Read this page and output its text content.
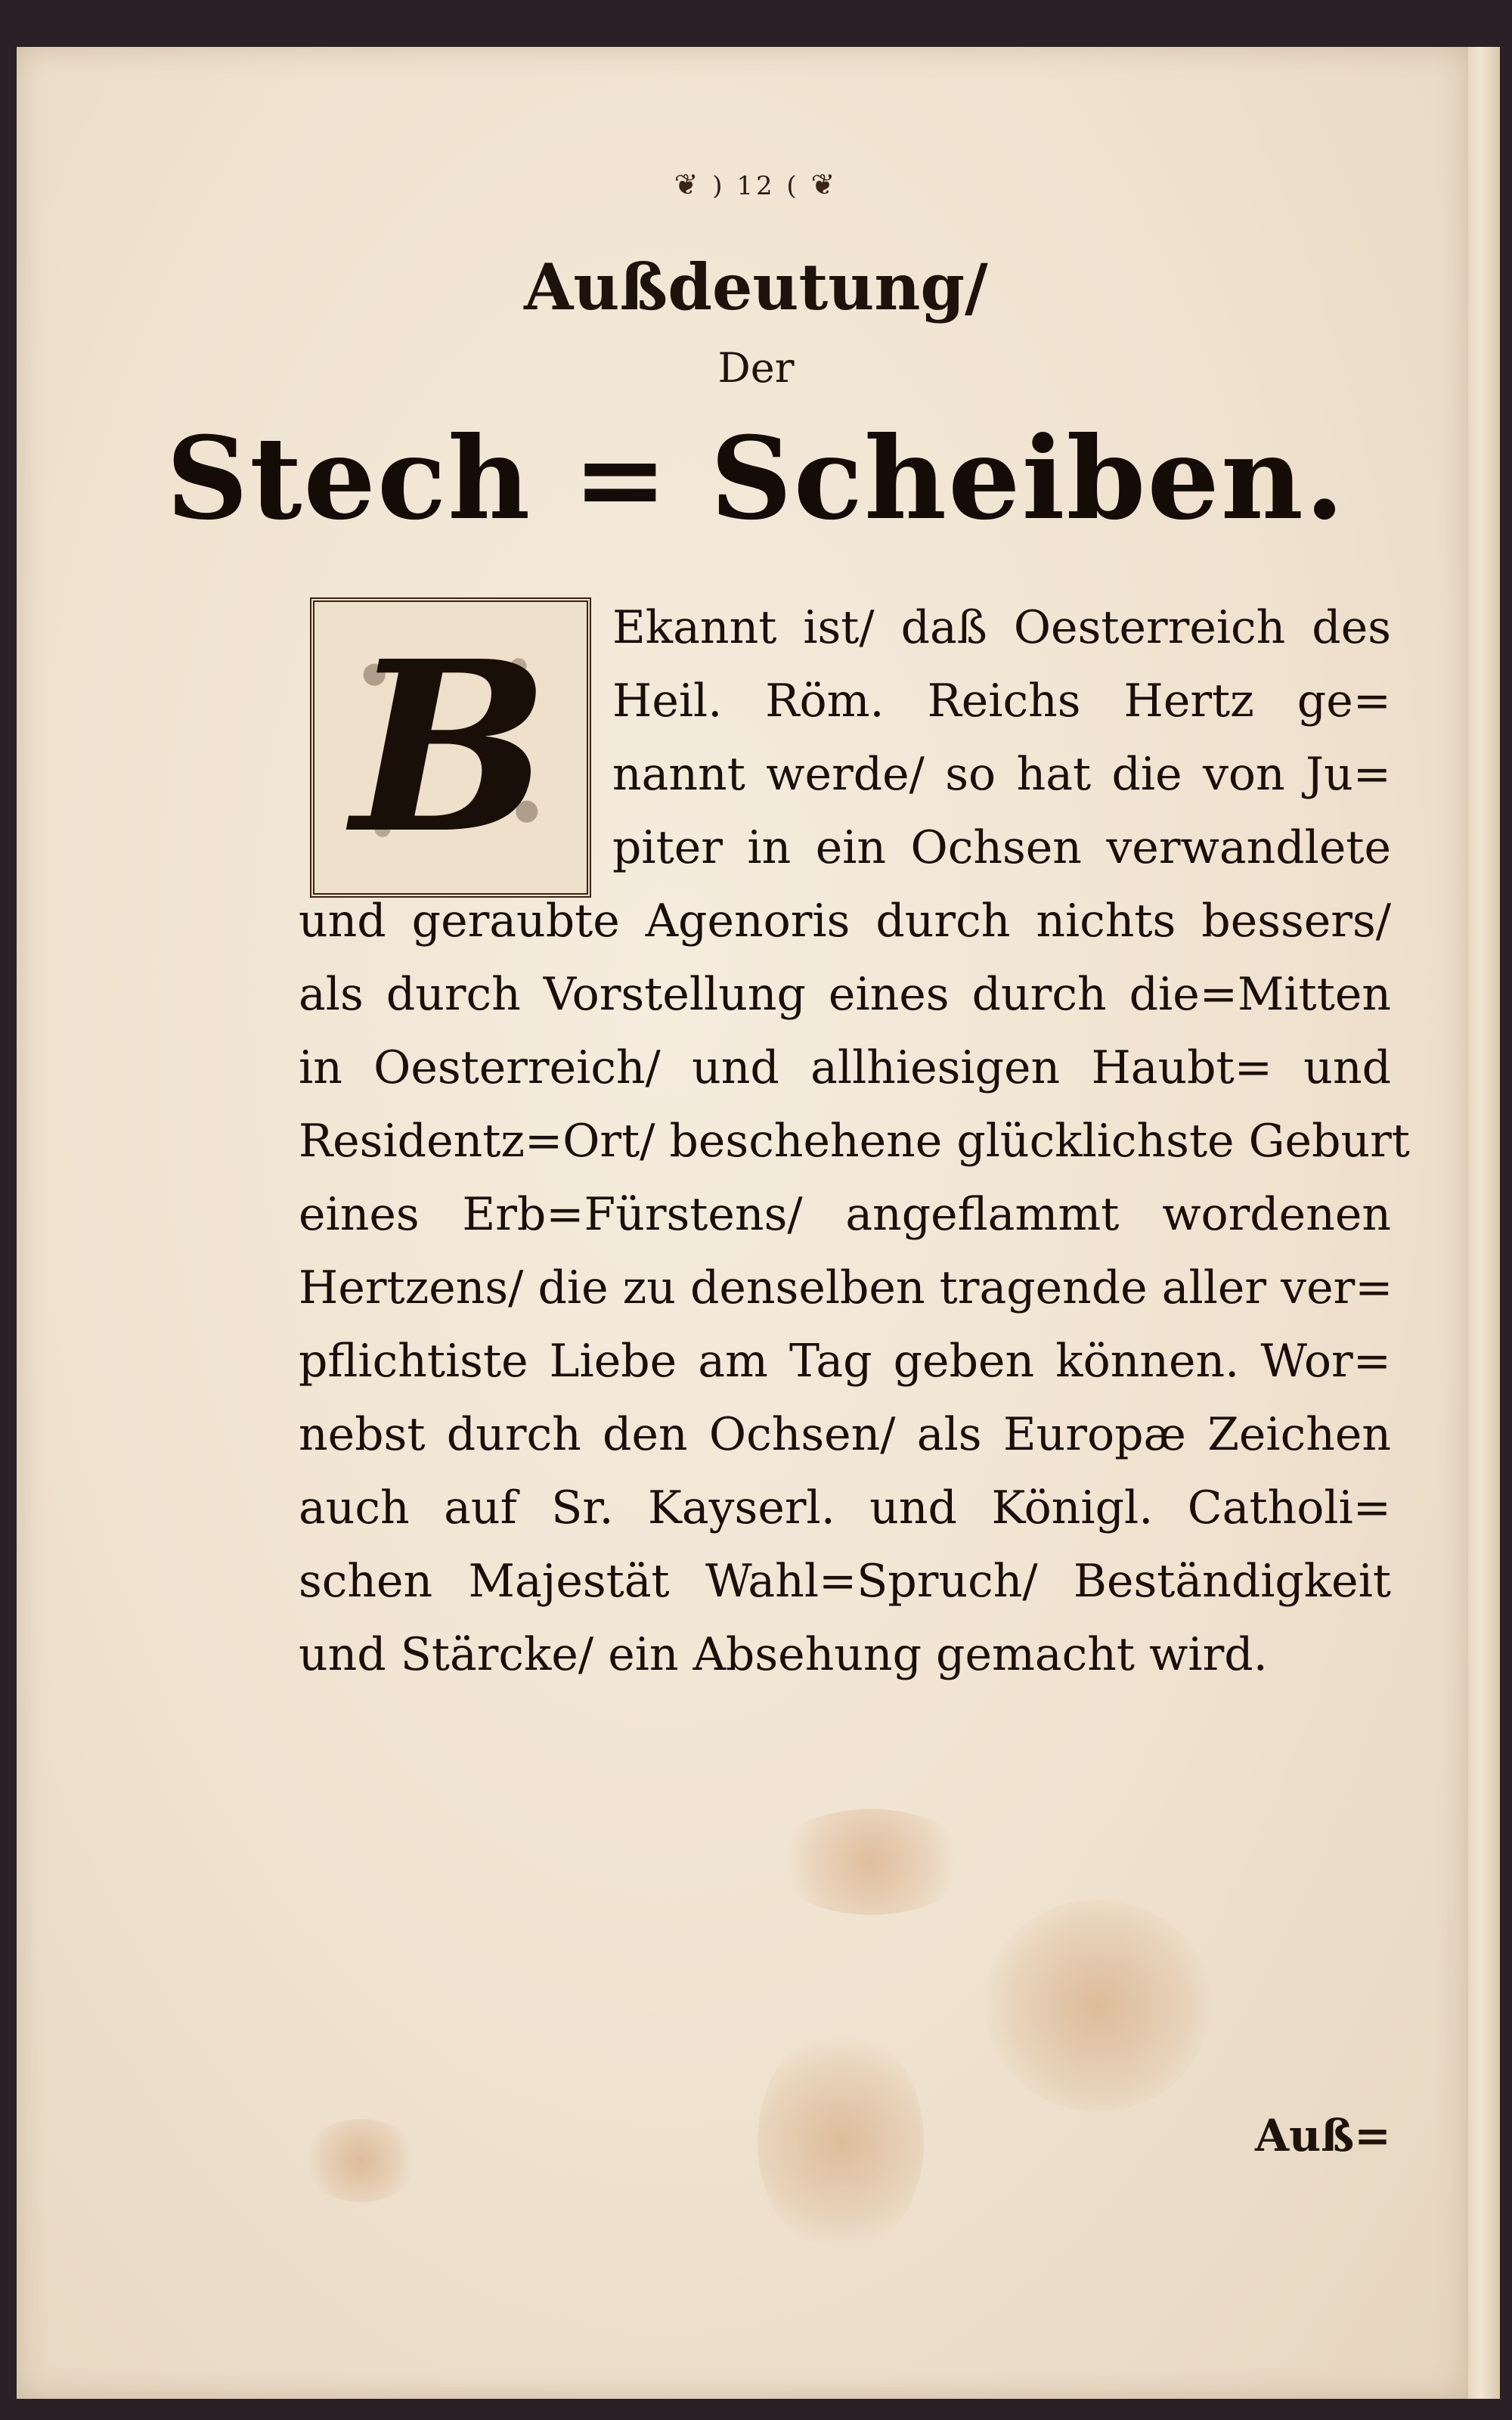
❦ ) 12 ( ❦
Außdeutung/
Der
Stech = Scheiben.
B Ekannt ist/ daß Oesterreich des
Heil. Röm. Reichs Hertz ge=
nannt werde/ so hat die von Ju=
piter in ein Ochsen verwandlete
und geraubte Agenoris durch nichts bessers/
als durch Vorstellung eines durch die=Mitten
in Oesterreich/ und allhiesigen Haubt= und
Residentz=Ort/ beschehene glücklichste Geburt
eines Erb=Fürstens/ angeflammt wordenen
Hertzens/ die zu denselben tragende aller ver=
pflichtiste Liebe am Tag geben können. Wor=
nebst durch den Ochsen/ als Europæ Zeichen
auch auf Sr. Kayserl. und Königl. Catholi=
schen Majestät Wahl=Spruch/ Beständigkeit
und Stärcke/ ein Absehung gemacht wird.
Auß=
